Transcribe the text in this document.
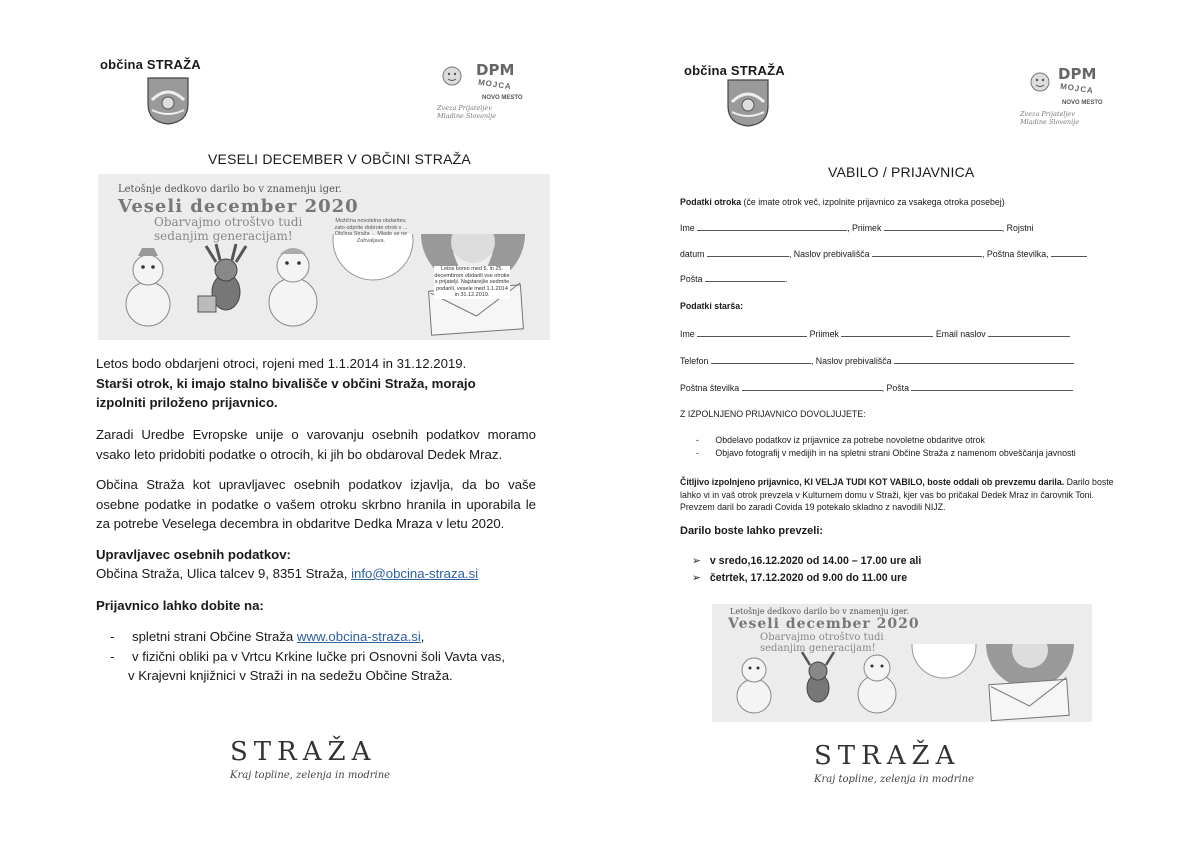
občina STRAŽA	DPM
MOJCA
NOVO MESTO
Zveza Prijateljev Mladine Slovenije
VESELI DECEMBER V OBČINI STRAŽA
Letošnje dedkovo darilo bo v znamenju iger.
Veseli december 2020
Obarvajmo otroštvo tudi
sedanjim generacijam!
Možična novoletna obdaritev, zato odprite dobrote otrok v ... Občina Straža ... Mlade se ne Zahvaljava.
Letos bomo med 5. in 25. decembrom obdarili vse otroke s prijatelji. Najstarejše sedmite podarili, vesele med 1.1.2014 in 31.12.2019.
Letos bodo obdarjeni otroci, rojeni med 1.1.2014 in 31.12.2019. Starši otrok, ki imajo stalno bivališče v občini Straža, morajo izpolniti priloženo prijavnico.
Zaradi Uredbe Evropske unije o varovanju osebnih podatkov moramo vsako leto pridobiti podatke o otrocih, ki jih bo obdaroval Dedek Mraz.
Občina Straža kot upravljavec osebnih podatkov izjavlja, da bo vaše osebne podatke in podatke o vašem otroku skrbno hranila in uporabila le za potrebe Veselega decembra in obdaritve Dedka Mraza v letu 2020.
Upravljavec osebnih podatkov:
Občina Straža, Ulica talcev 9, 8351 Straža, info@obcina-straza.si
Prijavnico lahko dobite na:
- spletni strani Občine Straža www.obcina-straza.si,
- v fizični obliki pa v Vrtcu Krkine lučke pri Osnovni šoli Vavta vas,
v Krajevni knjižnici v Straži in na sedežu Občine Straža.
STRAŽA
Kraj topline, zelenja in modrine
občina STRAŽA	DPM
MOJCA
NOVO MESTO
Zveza Prijateljev Mladine Slovenije
VABILO / PRIJAVNICA
Podatki otroka (če imate otrok več, izpolnite prijavnico za vsakega otroka posebej)
Ime	, Priimek	, Rojstni
datum	, Naslov prebivališča	, Poštna številka,
Pošta	.
Podatki starša:
Ime	Priimek	Email naslov
Telefon	, Naslov prebivališča
Poštna številka	, Pošta
Z IZPOLNJENO PRIJAVNICO DOVOLJUJETE:
- Obdelavo podatkov iz prijavnice za potrebe novoletne obdaritve otrok
- Objavo fotografij v medijih in na spletni strani Občine Straža z namenom obveščanja javnosti
Čitljivo izpolnjeno prijavnico, KI VELJA TUDI KOT VABILO, boste oddali ob prevzemu darila. Darilo boste lahko vi in vaš otrok prevzela v Kulturnem domu v Straži, kjer vas bo pričakal Dedek Mraz in čarovnik Toni. Prevzem daril bo zaradi Covida 19 potekalo skladno z navodili NIJZ.
Darilo boste lahko prevzeli:
➢ v sredo,16.12.2020 od 14.00 – 17.00 ure ali
➢ četrtek, 17.12.2020 od 9.00 do 11.00 ure
Letošnje dedkovo darilo bo v znamenju iger.
Veseli december 2020
Obarvajmo otroštvo tudi
sedanjim generacijam!
STRAŽA
Kraj topline, zelenja in modrine
